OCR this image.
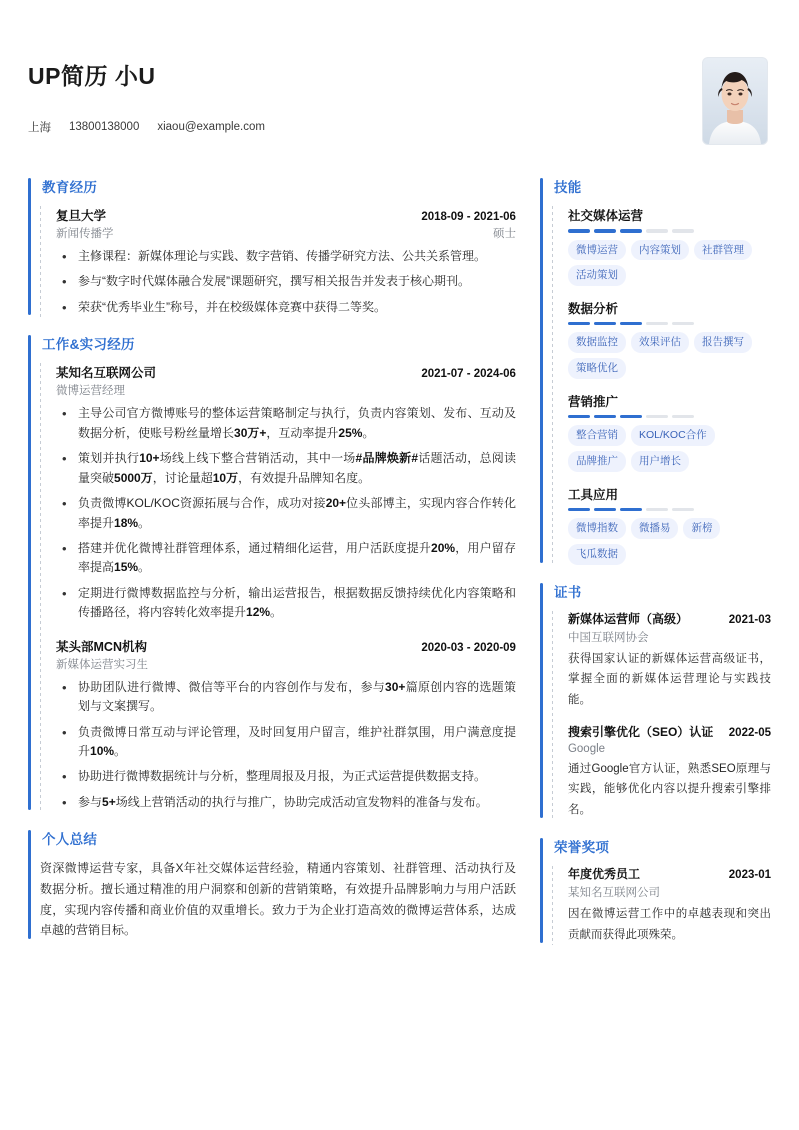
UP简历 小U
上海 13800138000 xiaou@example.com
教育经历
复旦大学	2018-09 - 2021-06
新闻传播学	硕士
• 主修课程：新媒体理论与实践、数字营销、传播学研究方法、公共关系管理。
• 参与“数字时代媒体融合发展”课题研究，撰写相关报告并发表于核心期刊。
• 荣获“优秀毕业生”称号，并在校级媒体竞赛中获得二等奖。
工作&实习经历
某知名互联网公司	2021-07 - 2024-06
微博运营经理
• 主导公司官方微博账号的整体运营策略制定与执行，负责内容策划、发布、互动及数据分析，使账号粉丝量增长30万+，互动率提升25%。
• 策划并执行10+场线上线下整合营销活动，其中一场#品牌焕新#话题活动，总阅读量突破5000万，讨论量超10万，有效提升品牌知名度。
• 负责微博KOL/KOC资源拓展与合作，成功对接20+位头部博主，实现内容合作转化率提升18%。
• 搭建并优化微博社群管理体系，通过精细化运营，用户活跃度提升20%，用户留存率提高15%。
• 定期进行微博数据监控与分析，输出运营报告，根据数据反馈持续优化内容策略和传播路径，将内容转化效率提升12%。
某头部MCN机构	2020-03 - 2020-09
新媒体运营实习生
• 协助团队进行微博、微信等平台的内容创作与发布，参与30+篇原创内容的选题策划与文案撰写。
• 负责微博日常互动与评论管理，及时回复用户留言，维护社群氛围，用户满意度提升10%。
• 协助进行微博数据统计与分析，整理周报及月报，为正式运营提供数据支持。
• 参与5+场线上营销活动的执行与推广，协助完成活动宣发物料的准备与发布。
个人总结
资深微博运营专家，具备X年社交媒体运营经验，精通内容策划、社群管理、活动执行及数据分析。擅长通过精准的用户洞察和创新的营销策略，有效提升品牌影响力与用户活跃度，实现内容传播和商业价值的双重增长。致力于为企业打造高效的微博运营体系，达成卓越的营销目标。
技能
社交媒体运营
微博运营	内容策划	社群管理
活动策划
数据分析
数据监控	效果评估	报告撰写
策略优化
营销推广
整合营销	KOL/KOC合作
品牌推广	用户增长
工具应用
微博指数	微播易	新榜
飞瓜数据
证书
新媒体运营师（高级）	2021-03
中国互联网协会
获得国家认证的新媒体运营高级证书，掌握全面的新媒体运营理论与实践技能。
搜索引擎优化（SEO）认证 2022-05
Google
通过Google官方认证，熟悉SEO原理与实践，能够优化内容以提升搜索引擎排名。
荣誉奖项
年度优秀员工	2023-01
某知名互联网公司
因在微博运营工作中的卓越表现和突出贡献而获得此项殊荣。
